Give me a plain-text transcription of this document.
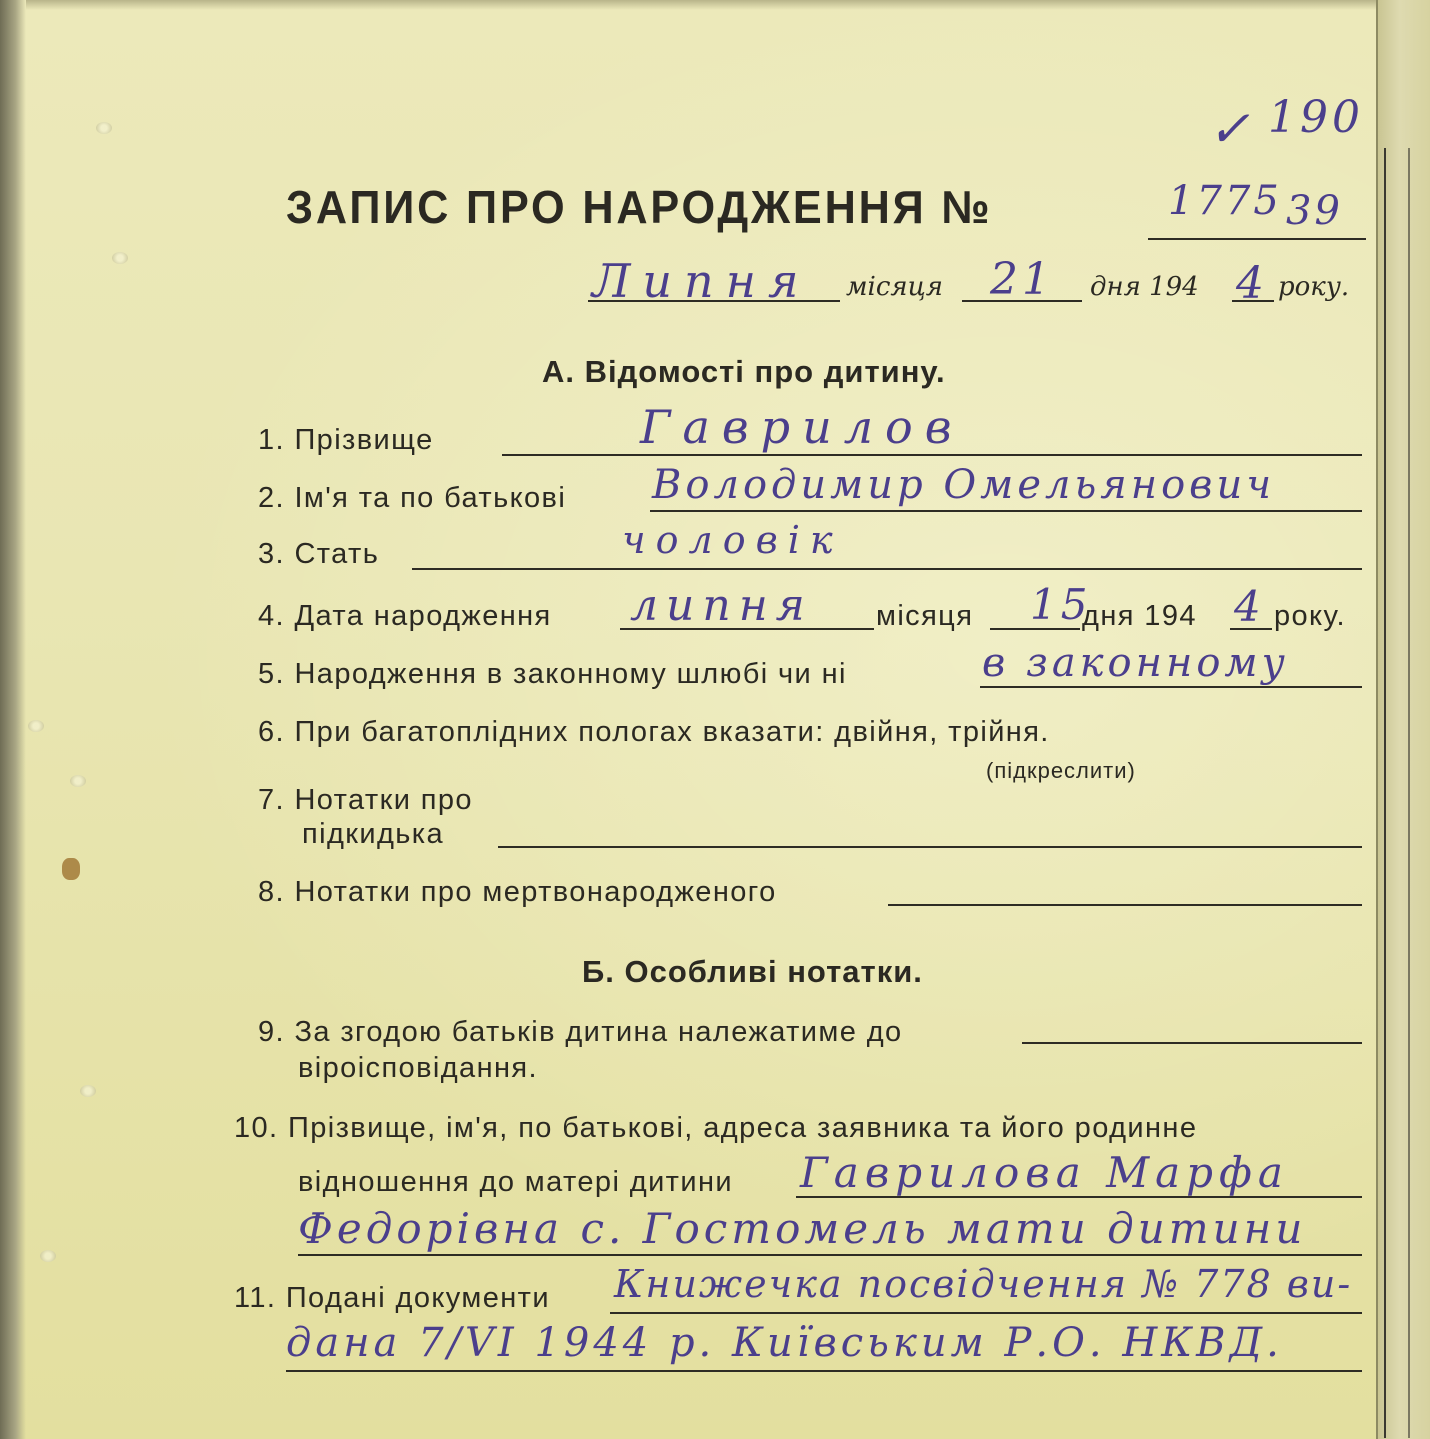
✓ 190
ЗАПИС ПРО НАРОДЖЕННЯ №	1775 39
Липня місяця 21 дня 194 4 року.
А. Відомості про дитину.
1. Прізвище	Гаврилов
2. Ім'я та по батькові Володимир Омельянович
3. Стать	чоловік
4. Дата народження липня місяця 15
дня 194 4 року.
5. Народження в законному шлюбі чи ні	в законному
6. При багатоплідних пологах вказати: двійня, трійня.
(підкреслити)
7. Нотатки про
підкидька
8. Нотатки про мертвонародженого
Б. Особливі нотатки.
9. За згодою батьків дитина належатиме до
віроісповідання.
10. Прізвище, ім'я, по батькові, адреса заявника та його родинне
відношення до матері дитини Гаврилова Марфа
Федорівна с. Гостомель мати дитини
11. Подані документи Книжечка посвідчення № 778 ви-
дана 7/VI 1944 р. Київським Р.О. НКВД.
